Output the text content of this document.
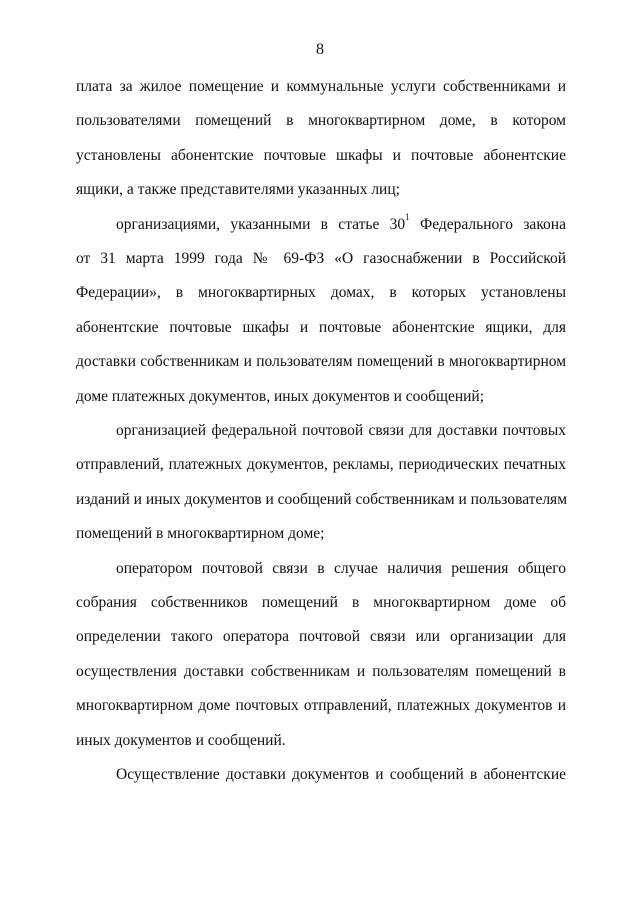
8
плата за жилое помещение и коммунальные услуги собственниками и
пользователями помещений в многоквартирном доме, в котором
установлены абонентские почтовые шкафы и почтовые абонентские
ящики, а также представителями указанных лиц;
организациями, указанными в статье $30^1$ Федерального закона
от 31 марта 1999 года № 69-ФЗ «О газоснабжении в Российской
Федерации», в многоквартирных домах, в которых установлены
абонентские почтовые шкафы и почтовые абонентские ящики, для
доставки собственникам и пользователям помещений в многоквартирном
доме платежных документов, иных документов и сообщений;
организацией федеральной почтовой связи для доставки почтовых
отправлений, платежных документов, рекламы, периодических печатных
изданий и иных документов и сообщений собственникам и пользователям
помещений в многоквартирном доме;
оператором почтовой связи в случае наличия решения общего
собрания собственников помещений в многоквартирном доме об
определении такого оператора почтовой связи или организации для
осуществления доставки собственникам и пользователям помещений в
многоквартирном доме почтовых отправлений, платежных документов и
иных документов и сообщений.
Осуществление доставки документов и сообщений в абонентские
